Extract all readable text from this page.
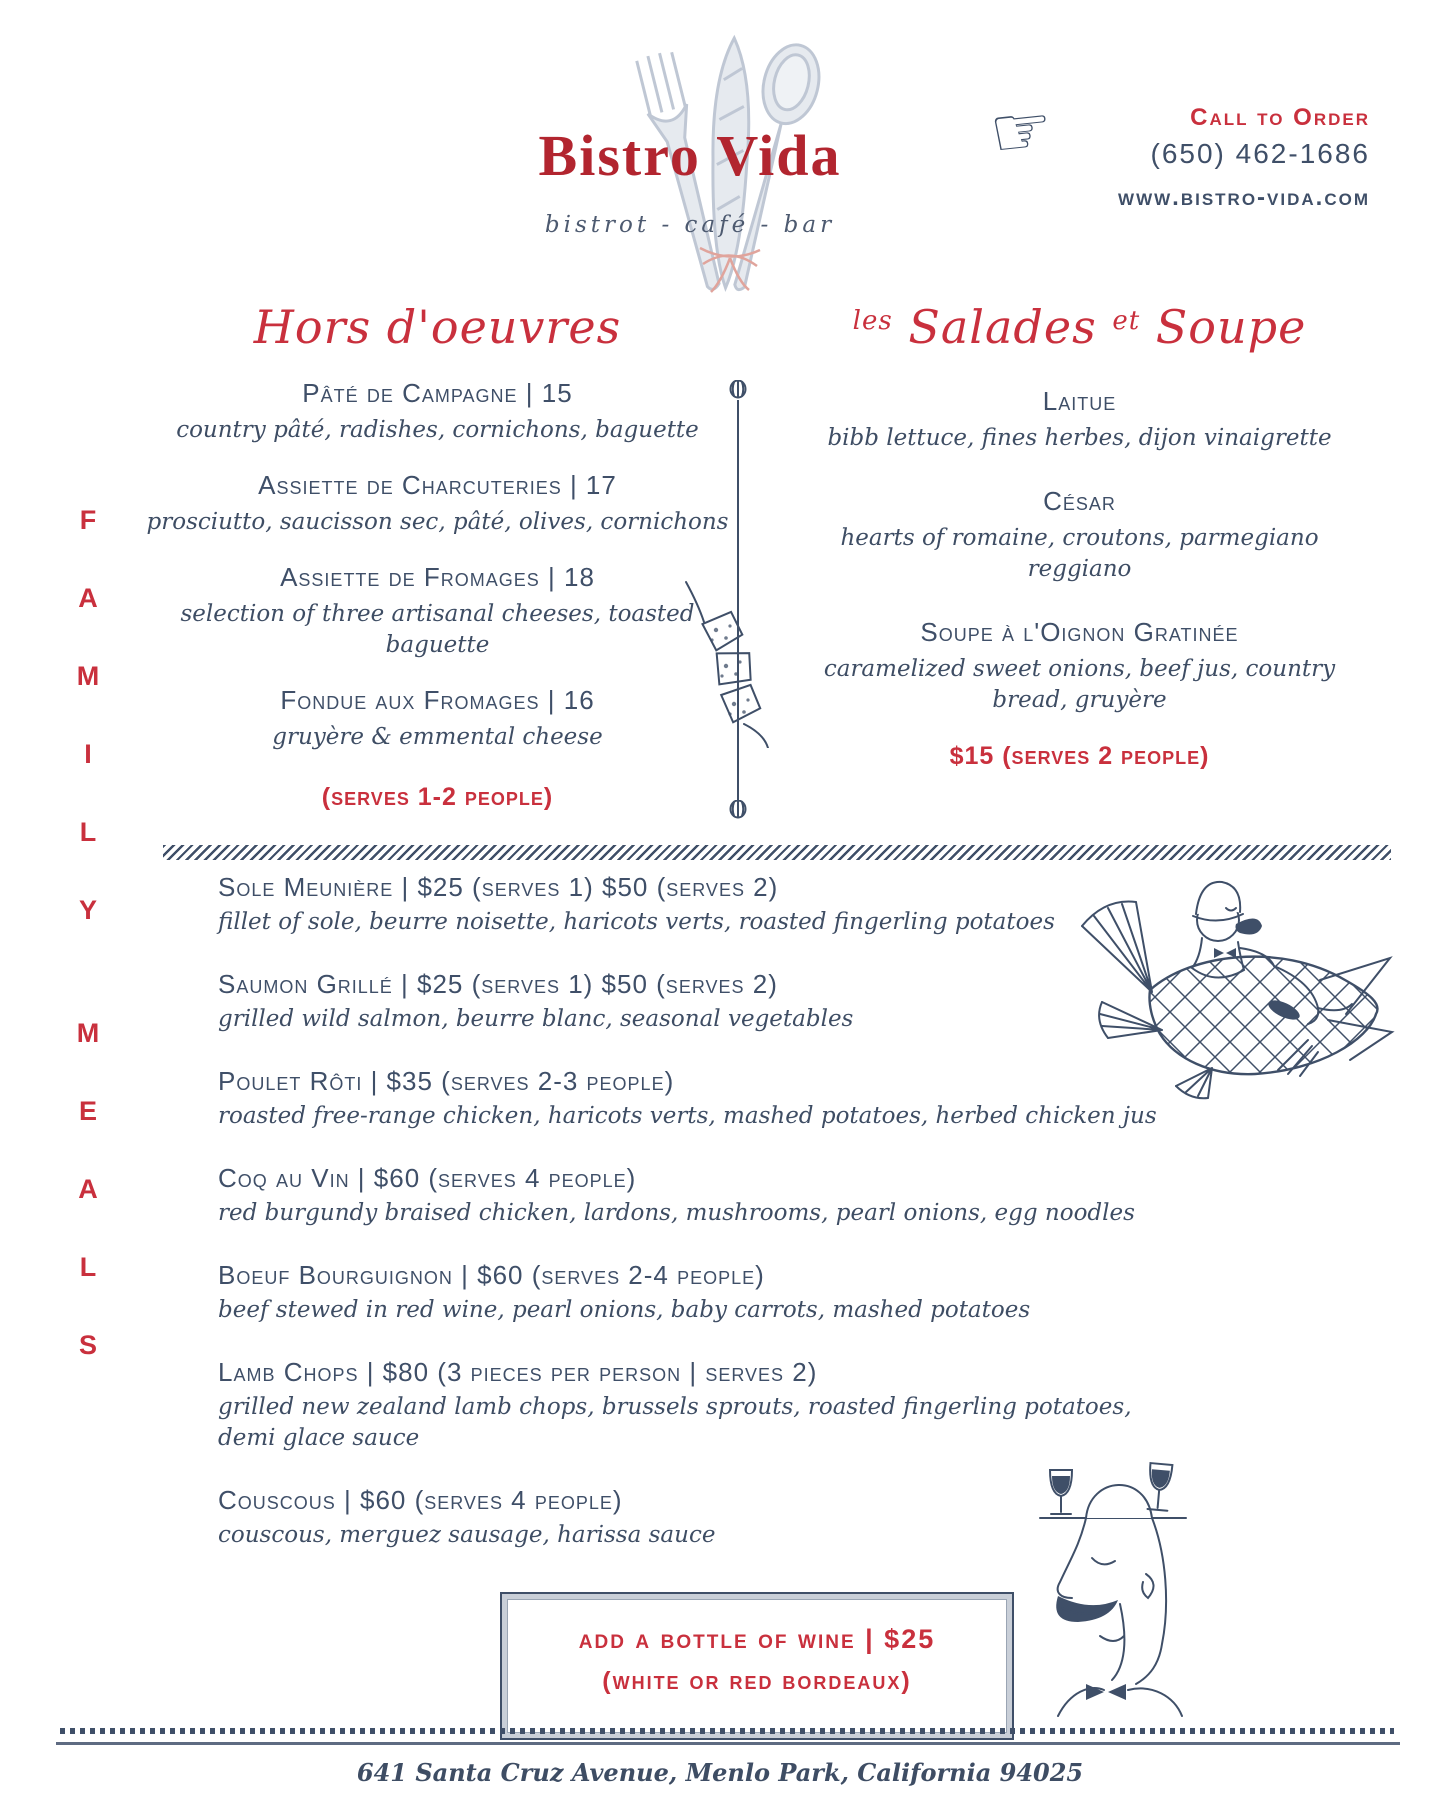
Bistro Vida
bistrot - café - bar
☞	Call to Order
(650) 462-1686
www.bistro-vida.com
FAMILY
MEALS
Hors d'oeuvres
Pâté de Campagne | 15
country pâté, radishes, cornichons, baguette
Assiette de Charcuteries | 17
prosciutto, saucisson sec, pâté, olives, cornichons
Assiette de Fromages | 18
selection of three artisanal cheeses, toasted baguette
Fondue aux Fromages | 16
gruyère & emmental cheese
(serves 1-2 people)
$^{les}$ Salades $^{et}$ Soupe
Laitue
bibb lettuce, fines herbes, dijon vinaigrette
César
hearts of romaine, croutons, parmegiano reggiano
Soupe à l'Oignon Gratinée
caramelized sweet onions, beef jus, country bread, gruyère
$15 (serves 2 people)
Sole Meunière | $25 (serves 1) $50 (serves 2)
fillet of sole, beurre noisette, haricots verts, roasted fingerling potatoes
Saumon Grillé | $25 (serves 1) $50 (serves 2)
grilled wild salmon, beurre blanc, seasonal vegetables
Poulet Rôti | $35 (serves 2-3 people)
roasted free-range chicken, haricots verts, mashed potatoes, herbed chicken jus
Coq au Vin | $60 (serves 4 people)
red burgundy braised chicken, lardons, mushrooms, pearl onions, egg noodles
Boeuf Bourguignon | $60 (serves 2-4 people)
beef stewed in red wine, pearl onions, baby carrots, mashed potatoes
Lamb Chops | $80 (3 pieces per person | serves 2)
grilled new zealand lamb chops, brussels sprouts, roasted fingerling potatoes, demi glace sauce
Couscous | $60 (serves 4 people)
couscous, merguez sausage, harissa sauce
add a bottle of wine | $25
(white or red bordeaux)
641 Santa Cruz Avenue, Menlo Park, California 94025
